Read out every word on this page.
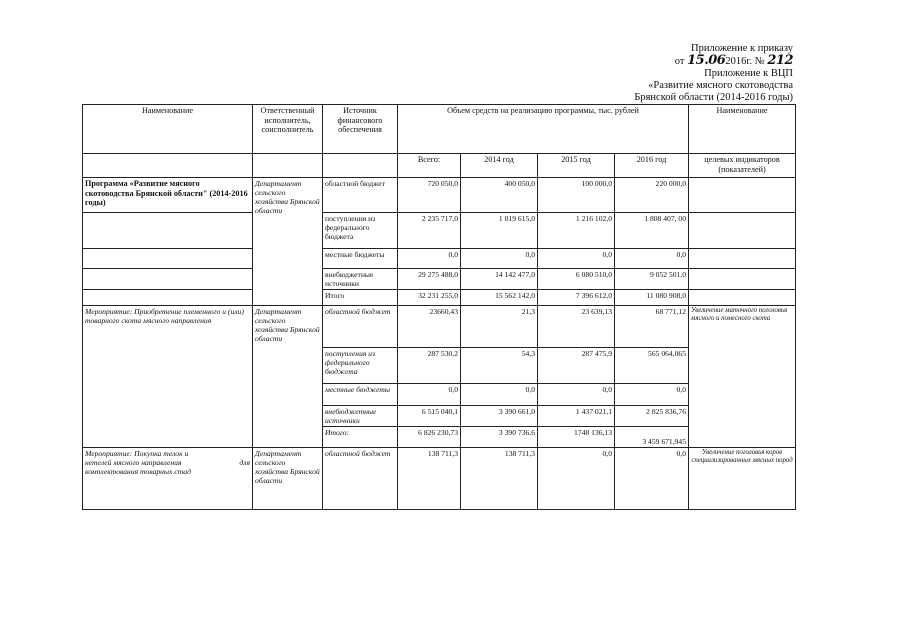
Приложение к приказу
от 15.062016г. № 212
Приложение к ВЦП
«Развитие мясного скотоводства
Брянской области (2014-2016 годы)
Наименование	Ответственный исполнитель, соисполнитель	Источник финансового обеспечения	Объем средств на реализацию программы, тыс. рублей				Наименование
			Всего:	2014 год	2015 год	2016 год	целевых индикаторов (показателей)
Программа «Развитие мясного скотоводства Брянской области" (2014-2016 годы)	Департамент сельского хозяйства Брянской области	областной бюджет	720 050,0	400 050,0	100 000,0	220 000,0	
		поступления из федерального бюджета	2 235 717,0	1 019 615,0	1 216 102,0	1 808 407, 00	
		местные бюджеты	0,0	0,0	0,0	0,0	
		внебюджетные источники	29 275 488,0	14 142 477,0	6 080 510,0	9 052 501,0	
		Итого	32 231 255,0	15 562 142,0	7 396 612,0	11 080 908,0	
Мероприятие: Приобретение племенного и (или) товарного скота мясного направления	Департамент сельского хозяйства Брянской области	областной бюджет	23660,43	21,3	23 639,13	68 771,12	Увеличение маточного поголовья мясного и помесного скота
		поступления из федерального бюджета	287 530,2	54,3	287 475,9	565 064,065	
		местные бюджеты	0,0	0,0	0,0	0,0	
		внебюджетные источники	6 515 040,1	3 390 661,0	1 437 021,1	2 825 836,76	
		Итого:	6 826 230,73	3 390 736,6	1748 136,13	3 459 671,945	

Мероприятие: Покупка телок и
нетелей мясного направления для
комплектования товарных стад	Департамент сельского хозяйства Брянской области	областной бюджет	138 711,3	138 711,3	0,0	0,0	Увеличение поголовья коров специализированных мясных пород
